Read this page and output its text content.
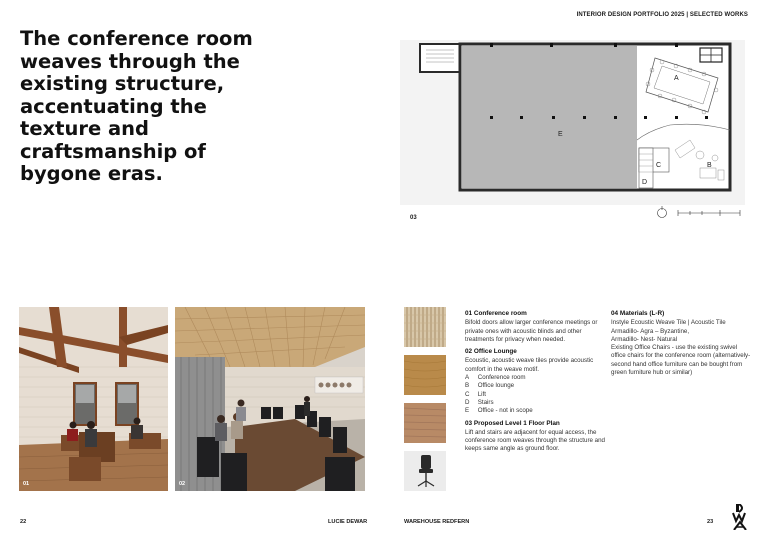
INTERIOR DESIGN PORTFOLIO 2025 | SELECTED WORKS
The conference room weaves through the existing structure, accentuating the texture and craftsmanship of bygone eras.
A
B
C
D
E
03
01	02
01 Conference room

Bifold doors allow larger conference meetings or private ones with acoustic blinds and other treatments for privacy when needed.

02 Office Lounge

Ecoustic, acoustic weave tiles provide acoustic comfort in the weave motif.

A Conference room
B Office lounge
C Lift
D Stairs
E Office - not in scope
03 Proposed Level 1 Floor Plan

Lift and stairs are adjacent for equal access, the conference room weaves through the structure and keeps same angle as ground floor.

04 Materials (L-R)
Instyle Ecoustic Weave Tile | Acoustic Tile
Armadillo- Agra – Byzantine,
Armadillo- Nest- Natural
Existing Office Chairs - use the existing swivel office chairs for the conference room (alternatively- second hand office furniture can be bought from green furniture hub or similar)
22	LUCIE DEWAR	WAREHOUSE REDFERN	23
